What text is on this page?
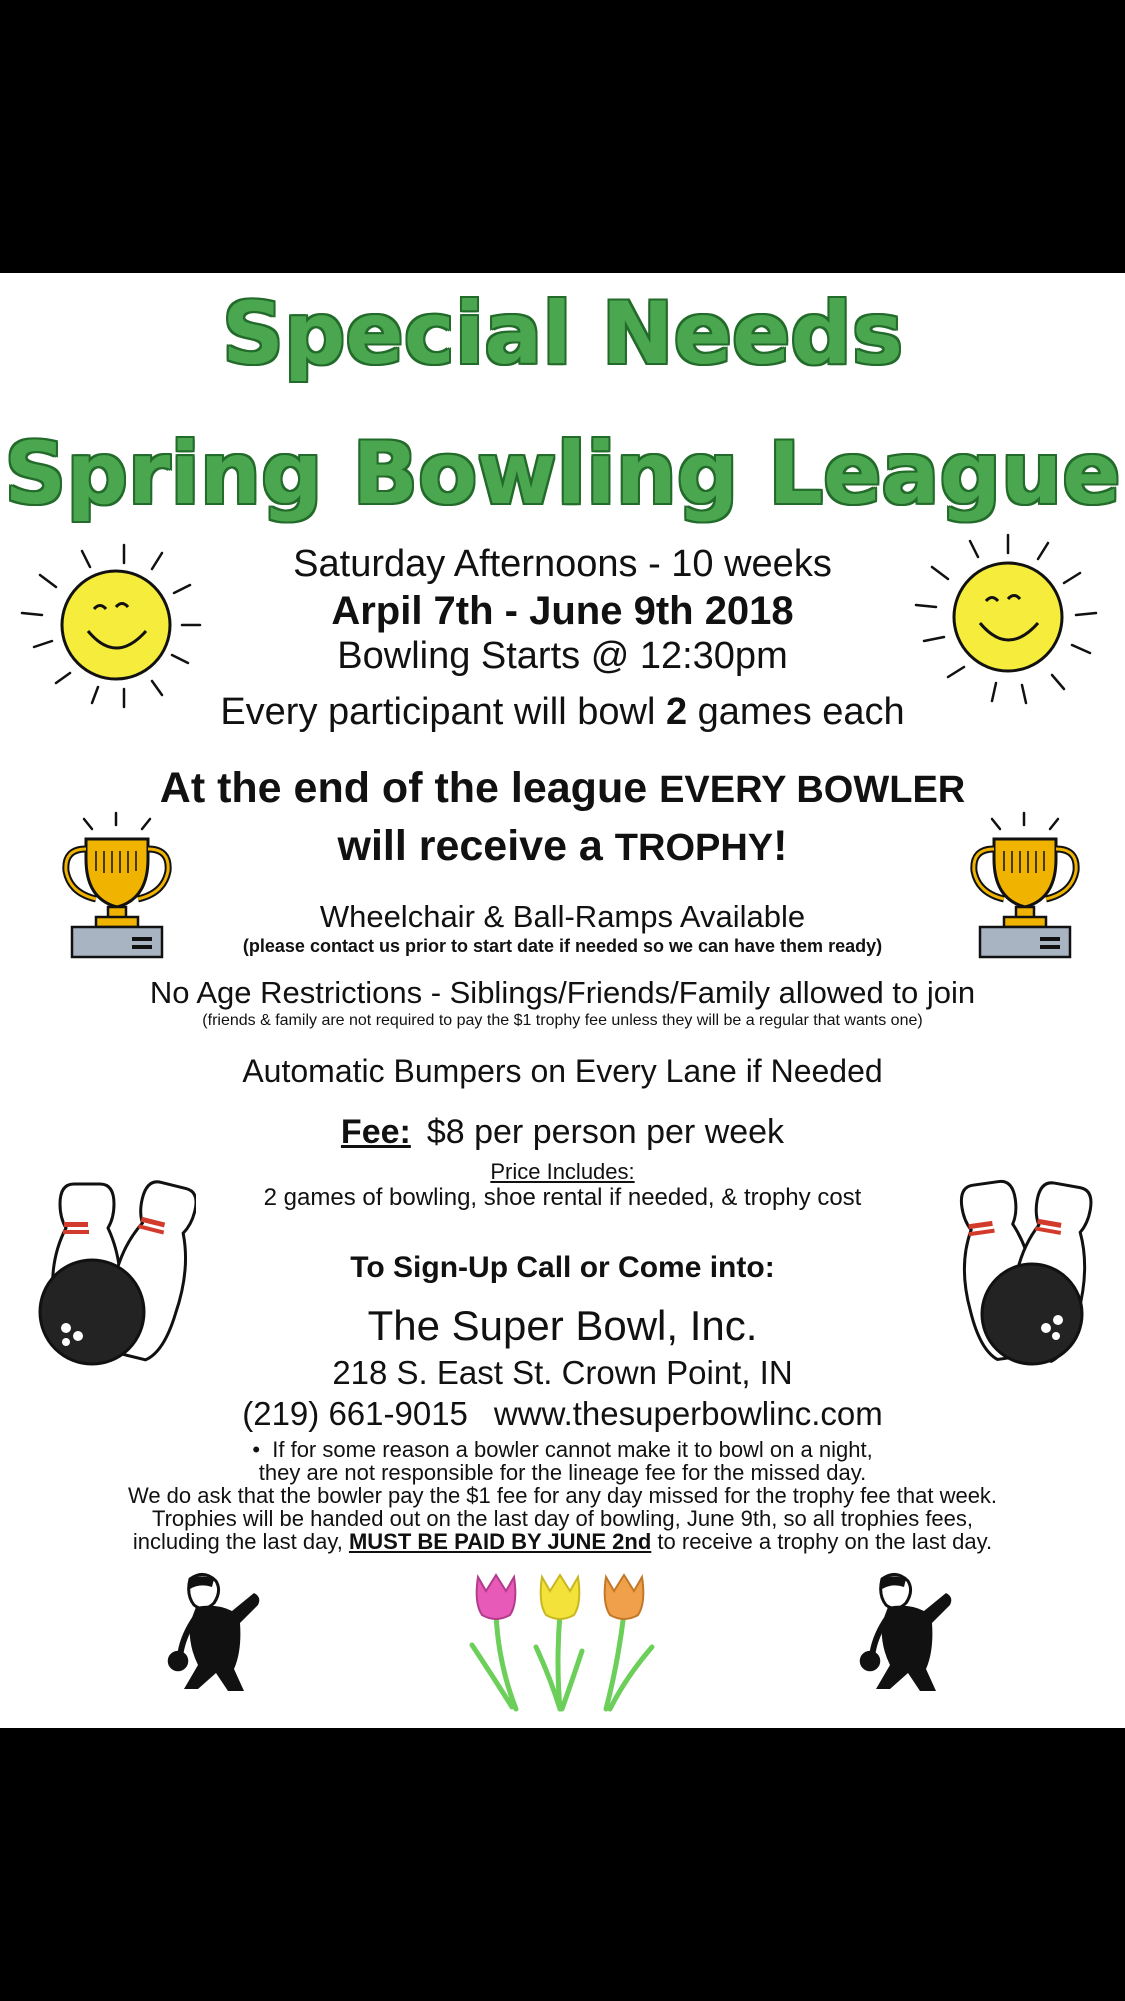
Special Needs
Spring Bowling League
Saturday Afternoons - 10 weeks
Arpil 7th - June 9th 2018
Bowling Starts @ 12:30pm
Every participant will bowl 2 games each
At the end of the league EVERY BOWLER
will receive a TROPHY!
Wheelchair & Ball-Ramps Available
(please contact us prior to start date if needed so we can have them ready)
No Age Restrictions - Siblings/Friends/Family allowed to join
(friends & family are not required to pay the $1 trophy fee unless they will be a regular that wants one)
Automatic Bumpers on Every Lane if Needed
Fee: $8 per person per week
Price Includes:
2 games of bowling, shoe rental if needed, & trophy cost
To Sign-Up Call or Come into:
The Super Bowl, Inc.
218 S. East St. Crown Point, IN
(219) 661-9015 www.thesuperbowlinc.com
•  If for some reason a bowler cannot make it to bowl on a night,
they are not responsible for the lineage fee for the missed day.
We do ask that the bowler pay the $1 fee for any day missed for the trophy fee that week.
Trophies will be handed out on the last day of bowling, June 9th, so all trophies fees,
including the last day, MUST BE PAID BY JUNE 2nd to receive a trophy on the last day.
